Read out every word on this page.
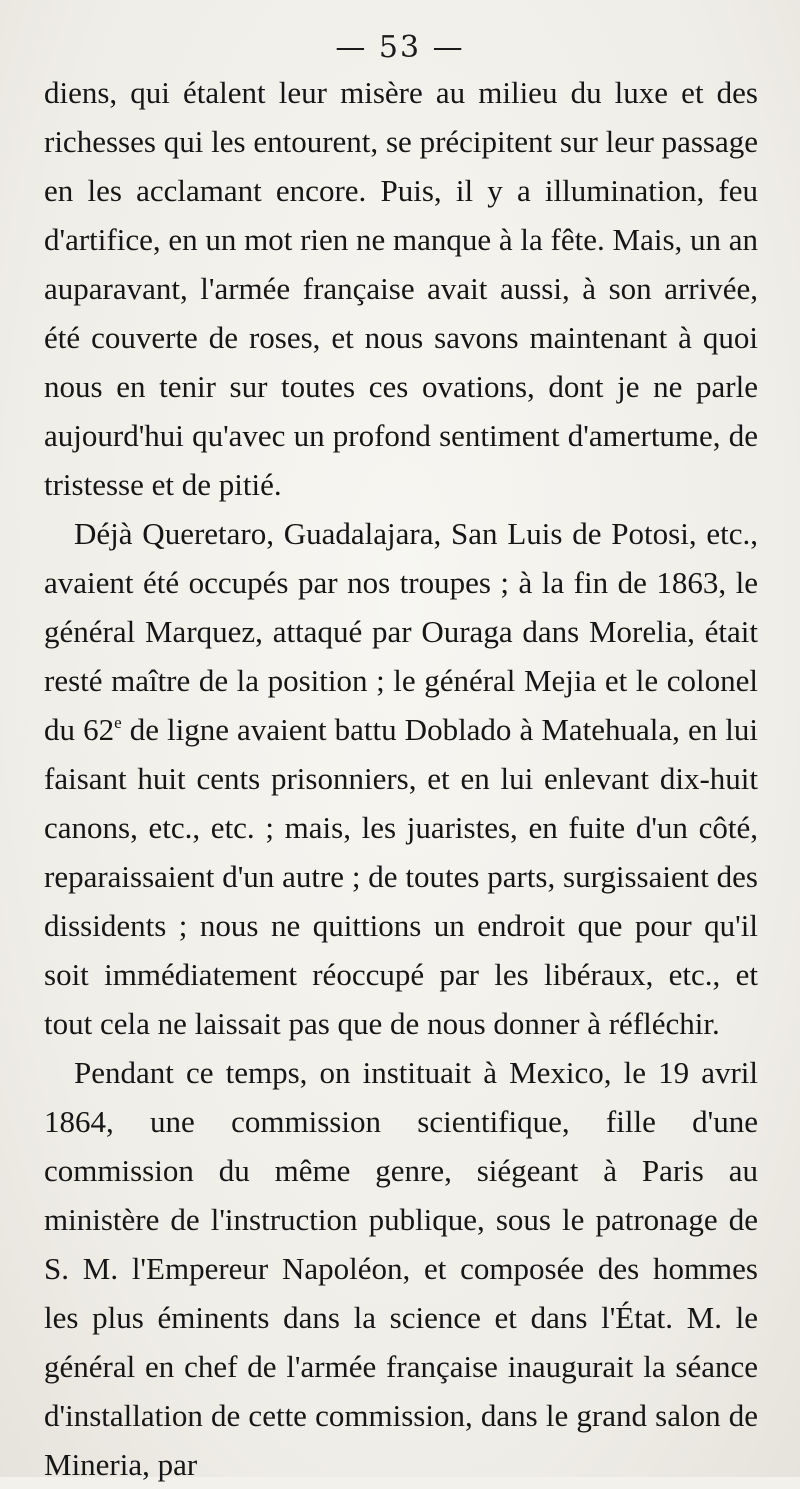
— 53 —

diens, qui étalent leur misère au milieu du luxe et des richesses qui les entourent, se précipitent sur leur passage en les acclamant encore. Puis, il y a illumination, feu d'artifice, en un mot rien ne manque à la fête. Mais, un an auparavant, l'armée française avait aussi, à son arrivée, été couverte de roses, et nous savons maintenant à quoi nous en tenir sur toutes ces ovations, dont je ne parle aujourd'hui qu'avec un profond sentiment d'amertume, de tristesse et de pitié.

Déjà Queretaro, Guadalajara, San Luis de Potosi, etc., avaient été occupés par nos troupes ; à la fin de 1863, le général Marquez, attaqué par Ouraga dans Morelia, était resté maître de la position ; le général Mejia et le colonel du 62e de ligne avaient battu Doblado à Matehuala, en lui faisant huit cents prisonniers, et en lui enlevant dix-huit canons, etc., etc. ; mais, les juaristes, en fuite d'un côté, reparaissaient d'un autre ; de toutes parts, surgissaient des dissidents ; nous ne quittions un endroit que pour qu'il soit immédiatement réoccupé par les libéraux, etc., et tout cela ne laissait pas que de nous donner à réfléchir.

Pendant ce temps, on instituait à Mexico, le 19 avril 1864, une commission scientifique, fille d'une commission du même genre, siégeant à Paris au ministère de l'instruction publique, sous le patronage de S. M. l'Empereur Napoléon, et composée des hommes les plus éminents dans la science et dans l'État. M. le général en chef de l'armée française inaugurait la séance d'installation de cette commission, dans le grand salon de Mineria, par
